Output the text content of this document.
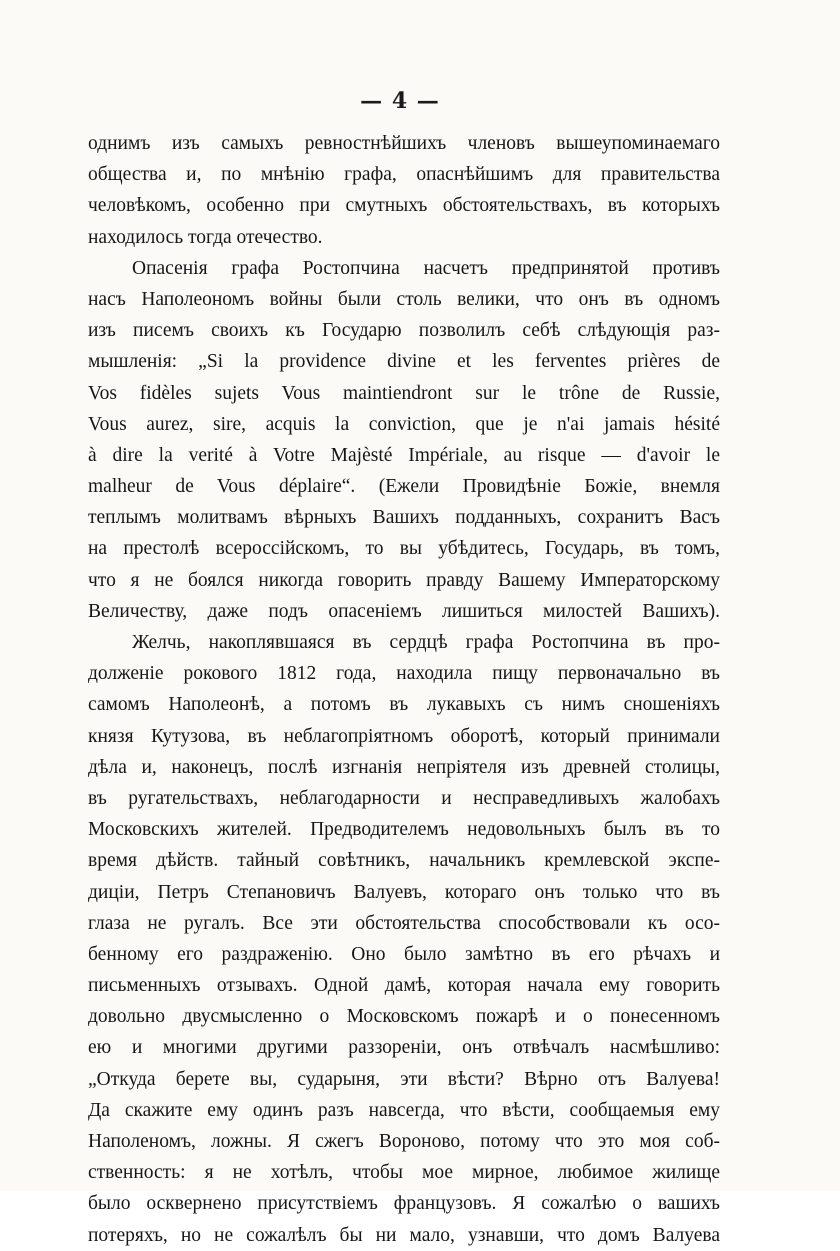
— 4 —
однимъ изъ самыхъ ревностнѣйшихъ членовъ вышеупоминаемаго
общества и, по мнѣнію графа, опаснѣйшимъ для правительства
человѣкомъ, особенно при смутныхъ обстоятельствахъ, въ которыхъ
находилось тогда отечество.
Опасенія графа Ростопчина насчетъ предпринятой противъ
насъ Наполеономъ войны были столь велики, что онъ въ одномъ
изъ писемъ своихъ къ Государю позволилъ себѣ слѣдующія раз-
мышленія: „Si la providence divine et les ferventes prières de
Vos fidèles sujets Vous maintiendront sur le trône de Russie,
Vous aurez, sire, acquis la conviction, que je n'ai jamais hésité
à dire la verité à Votre Majèsté Impériale, au risque — d'avoir le
malheur de Vous déplaire“. (Ежели Провидѣніе Божіе, внемля
теплымъ молитвамъ вѣрныхъ Вашихъ подданныхъ, сохранитъ Васъ
на престолѣ всероссійскомъ, то вы убѣдитесь, Государь, въ томъ,
что я не боялся никогда говорить правду Вашему Императорскому
Величеству, даже подъ опасеніемъ лишиться милостей Вашихъ).
Желчь, накоплявшаяся въ сердцѣ графа Ростопчина въ про-
долженіе рокового 1812 года, находила пищу первоначально въ
самомъ Наполеонѣ, а потомъ въ лукавыхъ съ нимъ сношеніяхъ
князя Кутузова, въ неблагопріятномъ оборотѣ, который принимали
дѣла и, наконецъ, послѣ изгнанія непріятеля изъ древней столицы,
въ ругательствахъ, неблагодарности и несправедливыхъ жалобахъ
Московскихъ жителей. Предводителемъ недовольныхъ былъ въ то
время дѣйств. тайный совѣтникъ, начальникъ кремлевской экспе-
диціи, Петръ Степановичъ Валуевъ, котораго онъ только что въ
глаза не ругалъ. Все эти обстоятельства способствовали къ осо-
бенному его раздраженію. Оно было замѣтно въ его рѣчахъ и
письменныхъ отзывахъ. Одной дамѣ, которая начала ему говорить
довольно двусмысленно о Московскомъ пожарѣ и о понесенномъ
ею и многими другими раззореніи, онъ отвѣчалъ насмѣшливо:
„Откуда берете вы, сударыня, эти вѣсти? Вѣрно отъ Валуева!
Да скажите ему одинъ разъ навсегда, что вѣсти, сообщаемыя ему
Наполеномъ, ложны. Я сжегъ Вороново, потому что это моя соб-
ственность: я не хотѣлъ, чтобы мое мирное, любимое жилище
было осквернено присутствіемъ французовъ. Я сожалѣю о вашихъ
потеряхъ, но не сожалѣлъ бы ни мало, узнавши, что домъ Валуева
